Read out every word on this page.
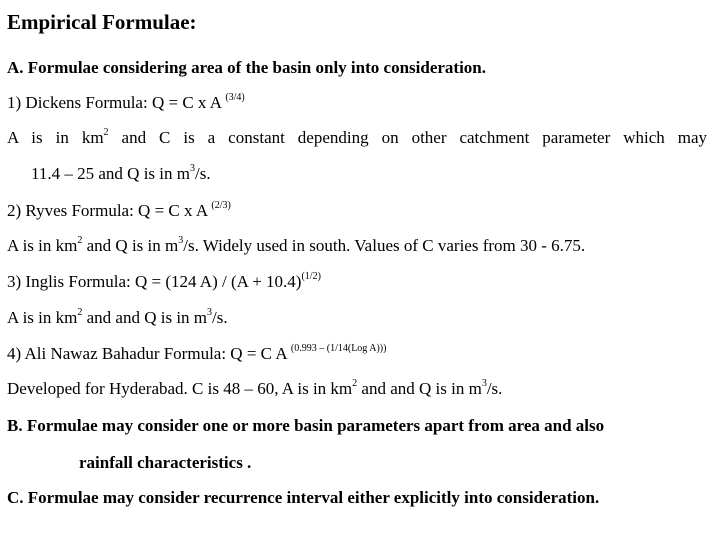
Empirical Formulae:
A. Formulae considering area of the basin only into consideration.
1) Dickens Formula: Q = C x A $^{(3/4)}$
A is in $km^2$ and C is a constant depending on other catchment parameter which may
11.4 – 25 and Q is in $m^3/s$.
2) Ryves Formula: Q = C x A $^{(2/3)}$
A is in $km^2$ and Q is in $m^3/s$. Widely used in south. Values of C varies from 30 - 6.75.
3) Inglis Formula: Q = (124 $A) / (A + 10.4)^{(1/2)}$
A is in $km^2$ and and Q is in $m^3/s$.
4) Ali Nawaz Bahadur Formula: Q = C A $^{(0.993 - (1/14(Log A)))}$
Developed for Hyderabad. C is 48 – 60, A is in $km^2$ and and Q is in $m^3/s$.
B. Formulae may consider one or more basin parameters apart from area and also
rainfall characteristics .
C. Formulae may consider recurrence interval either explicitly into consideration.
